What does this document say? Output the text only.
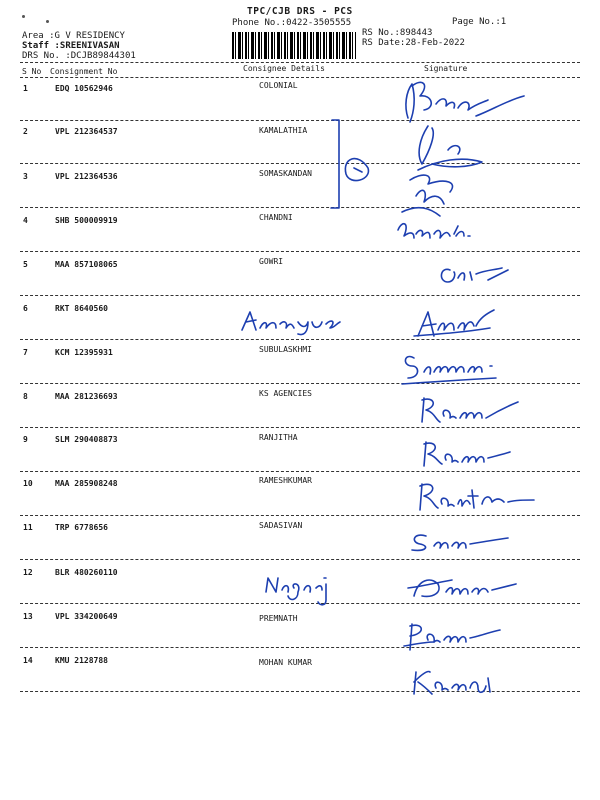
TPC/CJB DRS - PCS
Phone No.:0422-3505555	Page No.:1
Area :G V RESIDENCY
Staff :SREENIVASAN
DRS No. :DCJB89844301
RS No.:898443
RS Date:28-Feb-2022
S No Consignment No	Consignee Details	Signature
1	EDQ 10562946	COLONIAL
2	VPL 212364537	KAMALATHIA
3	VPL 212364536	SOMASKANDAN
4	SHB 500009919	CHANDNI
5	MAA 857108065	GOWRI
6	RKT 8640560
7	KCM 12395931	SUBULASKHMI
8	MAA 281236693	KS AGENCIES
9	SLM 290408873	RANJITHA
10	MAA 285908248	RAMESHKUMAR
11	TRP 6778656	SADASIVAN
12	BLR 480260110
13	VPL 334200649	PREMNATH
14	KMU 2128788	MOHAN KUMAR
